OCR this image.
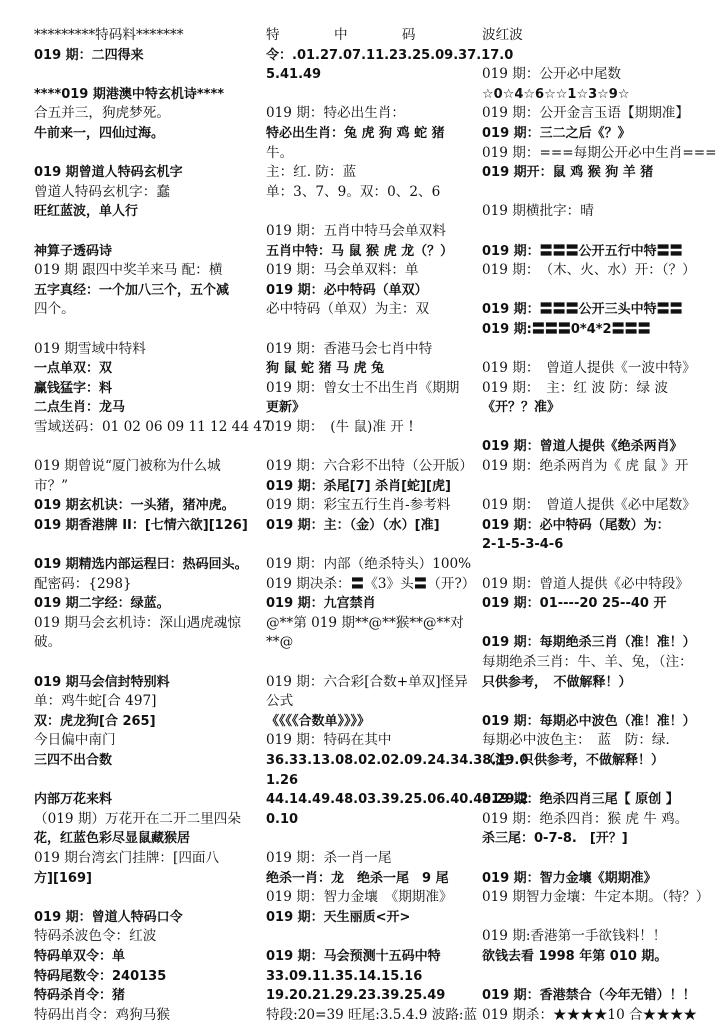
*********特码料*******
019 期：二四得来
****019 期港澳中特玄机诗****
合五并三，狗虎梦死。
牛前来一，四仙过海。
019 期曾道人特码玄机字
曾道人特码玄机字：蠢
旺红蓝波，单人行
神算子透码诗
019 期 跟四中奖羊来马 配：横
五字真经：一个加八三个，五个减
四个。
019 期雪域中特料
一点单双：双
赢钱猛字：料
二点生肖：龙马
雪域送码：01 02 06 09 11 12 44 47
019 期曾说“厦门被称为什么城
市？”
019 期玄机诀：一头猪，猪冲虎。
019 期香港牌 II：[七情六欲][126]
019 期精选内部运程曰：热码回头。
配密码：{298}
019 期二字经：绿蓝。
019 期马会玄机诗：深山遇虎魂惊
破。
019 期马会信封特别料
单：鸡牛蛇[合 497]
双：虎龙狗[合 265]
今日偏中南门
三四不出合数
内部万花来料
（019 期）万花开在二开二里四朵
花，红蓝色彩尽显鼠藏猴居
019 期台湾玄门挂牌：[四面八
方][169]
019 期：曾道人特码口令
特码杀波色令：红波
特码单双令：单
特码尾数令：240135
特码杀肖令：猪
特码出肖令：鸡狗马猴
特　　　　中　　　　码
令：.01.27.07.11.23.25.09.37.17.0
5.41.49
019 期：特必出生肖：
特必出生肖：兔 虎 狗 鸡 蛇 猪
牛。
主：红. 防：蓝
单：3、7、9。双：0、2、6
019 期：五肖中特马会单双料
五肖中特：马 鼠 猴 虎 龙（？）
019 期：马会单双料：单
019 期：必中特码（单双）
必中特码（单双）为主：双
019 期：香港马会七肖中特
狗 鼠 蛇 猪 马 虎 兔
019 期：曾女士不出生肖《期期
更新》
019 期：　(牛 鼠)准 开 !
019 期：六合彩不出特（公开版）
019 期：杀尾[7] 杀肖[蛇][虎]
019 期：彩宝五行生肖-参考料
019 期：主：（金）（水）[准]
019 期：内部（绝杀特头）100%
019 期决杀：〓《3》头〓（开?）
019 期：九宫禁肖
@**第 019 期**@**猴**@**对
**@
019 期：六合彩[合数+单双]怪异
公式
《《《《合数单》》》》
019 期：特码在其中
36.33.13.08.02.02.09.24.34.38.19.0
1.26
44.14.49.48.03.39.25.06.40.43.29.2
0.10
019 期：杀一肖一尾
绝杀一肖：龙　绝杀一尾　9 尾
019 期：智力金壤　《期期准》
019 期：天生丽质<开>
019 期：马会预测十五码中特
33.09.11.35.14.15.16
19.20.21.29.23.39.25.49
特段:20=39 旺尾:3.5.4.9 波路:蓝
波红波
019 期：公开必中尾数
☆0☆4☆6☆☆1☆3☆9☆
019 期：公开金言玉语【期期准】
019 期：三二之后《？》
019 期：===每期公开必中生肖===
019 期开：鼠 鸡 猴 狗 羊 猪
019 期横批字：晴
019 期：〓〓〓公开五行中特〓〓
019 期：　（木、火、水）开：（？）
019 期：〓〓〓公开三头中特〓〓
019 期:〓〓〓0*4*2〓〓〓
019 期：　曾道人提供《一波中特》
019 期：　主：红 波 防：绿 波
《开？？准》
019 期：曾道人提供《绝杀两肖》
019 期：绝杀两肖为《 虎 鼠 》开
019 期：　曾道人提供《必中尾数》
019 期：必中特码（尾数）为：
2-1-5-3-4-6
019 期：曾道人提供《必中特段》
019 期：01----20 25--40 开
019 期：每期绝杀三肖（准！准！）
每期绝杀三肖：牛、羊、兔，（注：
只供参考，　不做解释！）
019 期：每期必中波色（准！准！）
每期必中波色主：　蓝　防：绿．
（注：只供参考，不做解释！）
019 期：绝杀四肖三尾【 原创 】
019 期：绝杀四肖：猴 虎 牛 鸡。
杀三尾：0-7-8.　[开？]
019 期：智力金壤《期期准》
019 期智力金壤：牛定本期。（特？）
019 期:香港第一手欲钱料！！
欲钱去看 1998 年第 010 期。
019 期：香港禁合（今年无错）！！
019 期杀：★★★★10 合★★★★
